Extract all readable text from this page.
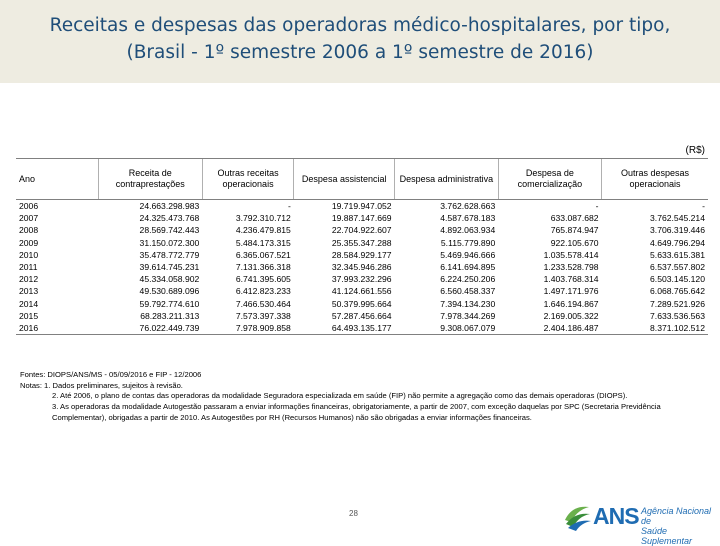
Receitas e despesas das operadoras médico-hospitalares, por tipo,
(Brasil - 1º semestre 2006 a 1º semestre de 2016)
(R$)
Ano	Receita de contraprestações	Outras receitas operacionais	Despesa assistencial	Despesa administrativa	Despesa de comercialização	Outras despesas operacionais
2006	24.663.298.983	-	19.719.947.052	3.762.628.663	-	-
2007	24.325.473.768	3.792.310.712	19.887.147.669	4.587.678.183	633.087.682	3.762.545.214
2008	28.569.742.443	4.236.479.815	22.704.922.607	4.892.063.934	765.874.947	3.706.319.446
2009	31.150.072.300	5.484.173.315	25.355.347.288	5.115.779.890	922.105.670	4.649.796.294
2010	35.478.772.779	6.365.067.521	28.584.929.177	5.469.946.666	1.035.578.414	5.633.615.381
2011	39.614.745.231	7.131.366.318	32.345.946.286	6.141.694.895	1.233.528.798	6.537.557.802
2012	45.334.058.902	6.741.395.605	37.993.232.296	6.224.250.206	1.403.768.314	6.503.145.120
2013	49.530.689.096	6.412.823.233	41.124.661.556	6.560.458.337	1.497.171.976	6.068.765.642
2014	59.792.774.610	7.466.530.464	50.379.995.664	7.394.134.230	1.646.194.867	7.289.521.926
2015	68.283.211.313	7.573.397.338	57.287.456.664	7.978.344.269	2.169.005.322	7.633.536.563
2016	76.022.449.739	7.978.909.858	64.493.135.177	9.308.067.079	2.404.186.487	8.371.102.512

Fontes: DIOPS/ANS/MS - 05/09/2016 e FIP - 12/2006

Notas: 1. Dados preliminares, sujeitos à revisão.

2. Até 2006, o plano de contas das operadoras da modalidade Seguradora especializada em saúde (FIP) não permite a agregação como das demais operadoras (DIOPS).

3. As operadoras da modalidade Autogestão passaram a enviar informações financeiras, obrigatoriamente, a partir de 2007, com exceção daquelas por SPC (Secretaria Previdência Complementar), obrigadas a partir de 2010. As Autogestões por RH (Recursos Humanos) não são obrigadas a enviar informações financeiras.

28	ANS Agência Nacional de
Saúde Suplementar
